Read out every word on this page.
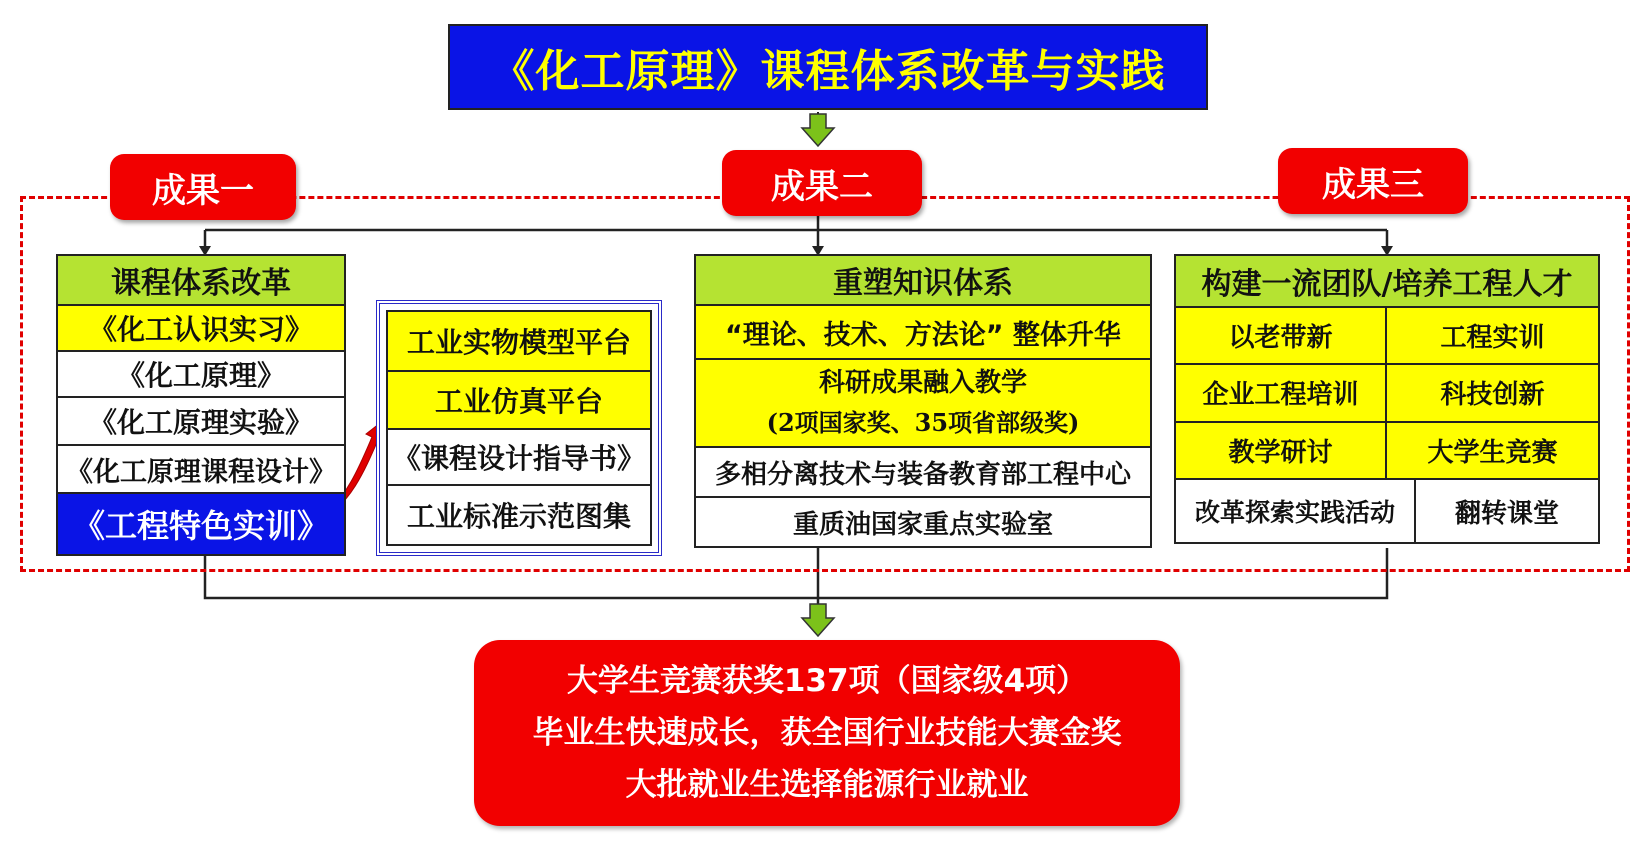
《化工原理》课程体系改革与实践
成果一	成果二	成果三
课程体系改革
《化工认识实习》
《化工原理》
《化工原理实验》
《化工原理课程设计》
《工程特色实训》
工业实物模型平台
工业仿真平台
《课程设计指导书》
工业标准示范图集
重塑知识体系
“理论、技术、方法论” 整体升华
科研成果融入教学
(2项国家奖、35项省部级奖)
多相分离技术与装备教育部工程中心
重质油国家重点实验室
构建一流团队/培养工程人才
以老带新	工程实训
企业工程培训	科技创新
教学研讨	大学生竞赛
改革探索实践活动	翻转课堂
大学生竞赛获奖137项（国家级4项）
毕业生快速成长，获全国行业技能大赛金奖
大批就业生选择能源行业就业
